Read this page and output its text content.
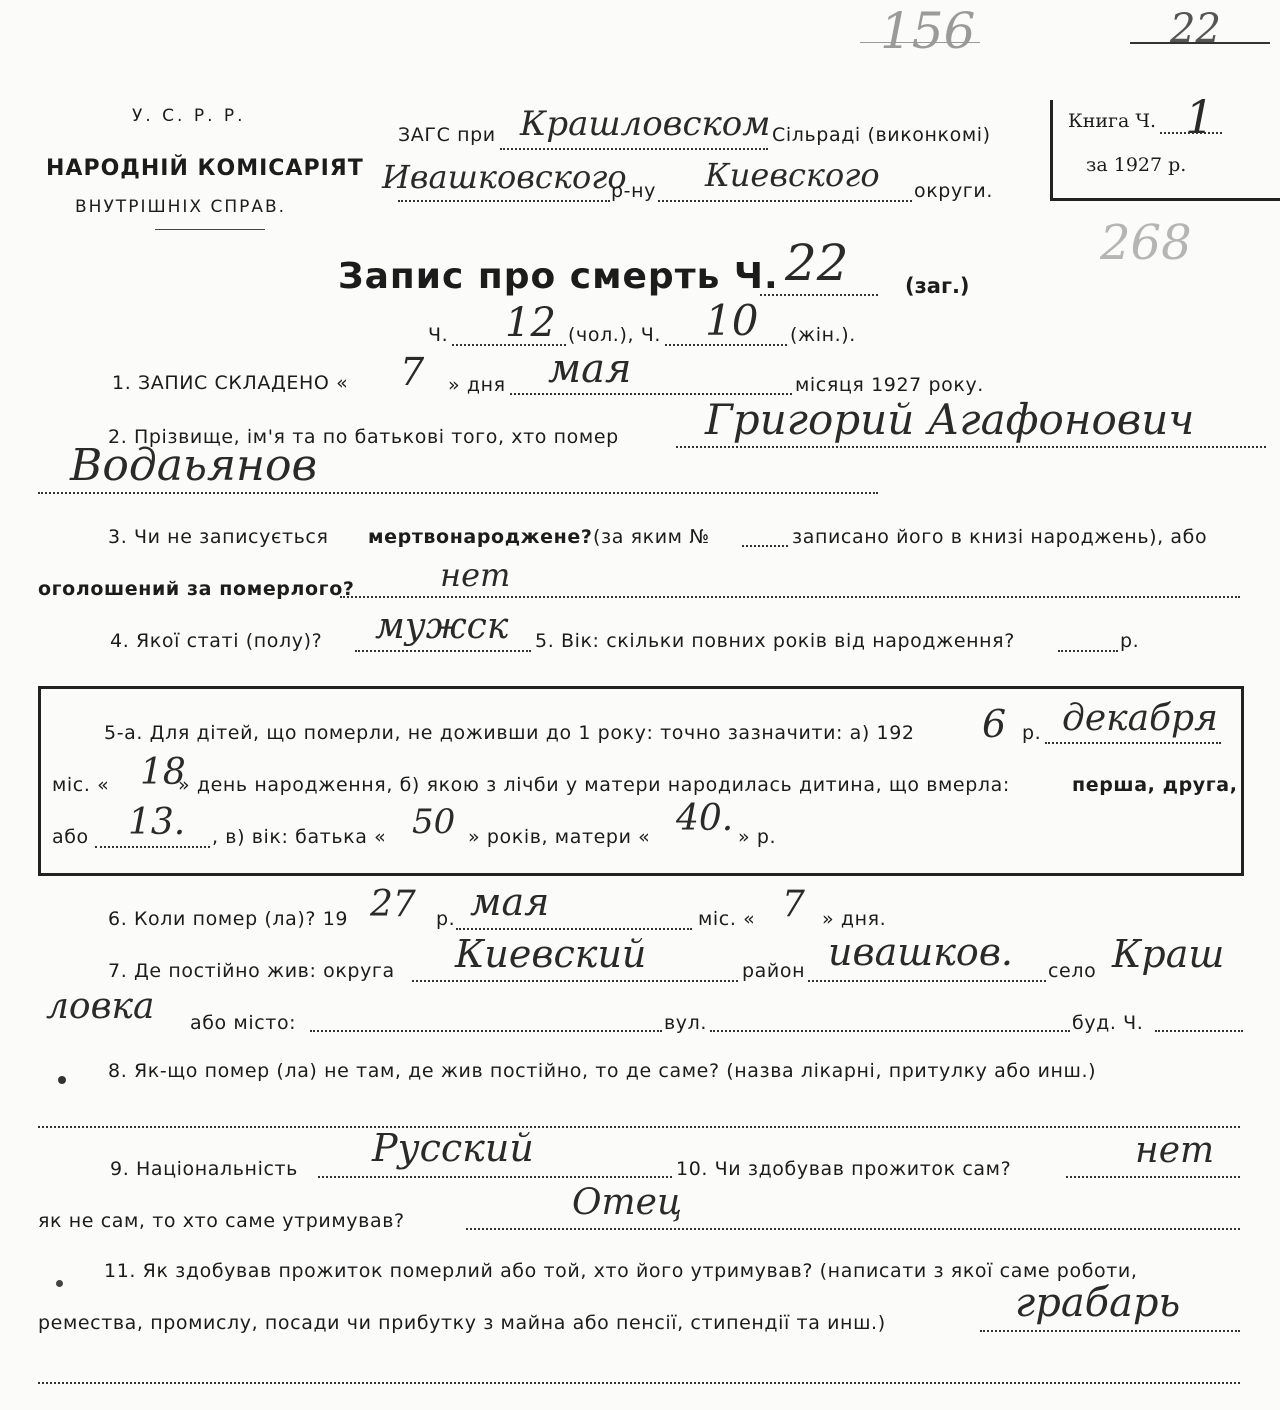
156	22
268
У. С. Р. Р.
НАРОДНІЙ КОМІСАРІЯТ
ВНУТРІШНІХ СПРАВ.
ЗАГС при Крашловском Сільраді (виконкомі)
Ивашковского
р-ну Киевского округи.
Книга Ч. 1
за 1927 р.
Запис про смерть Ч. 22	(заг.)
Ч. 12 (чол.), Ч. 10 (жін.).
1. ЗАПИС СКЛАДЕНО « 7 » дня мая	місяця 1927 року.
2. Прізвище, ім'я та по батькові того, хто помер Григорий Агафонович
Водаьянов
3. Чи не записується мертвонароджене? (за яким №	записано його в книзі народжень), або
оголошений за померлого?	нет
4. Якої статі (полу)? мужск 5. Вік: скільки повних років від народження?	р.
5-а. Для дітей, що померли, не доживши до 1 року: точно зазначити: а) 192 6 р. декабря
міс. « 18
» день народження, б) якою з лічби у матери народилась дитина, що вмерла:	перша, друга,
або 13. , в) вік: батька « 50 » років, матери « 40. » р.
6. Коли помер (ла)? 19 27 р. мая	міс. « 7 » дня.
7. Де постійно жив: округа Киевский	район ивашков. село Краш
ловка або місто:	вул.	буд. Ч.
8. Як-що помер (ла) не там, де жив постійно, то де саме? (назва лікарні, притулку або инш.)
9. Національність Русский	10. Чи здобував прожиток сам?	нет
як не сам, то хто саме утримував?	Отец
11. Як здобував прожиток померлий або той, хто його утримував? (написати з якої саме роботи,
ремества, промислу, посади чи прибутку з майна або пенсії, стипендії та инш.)	грабарь
